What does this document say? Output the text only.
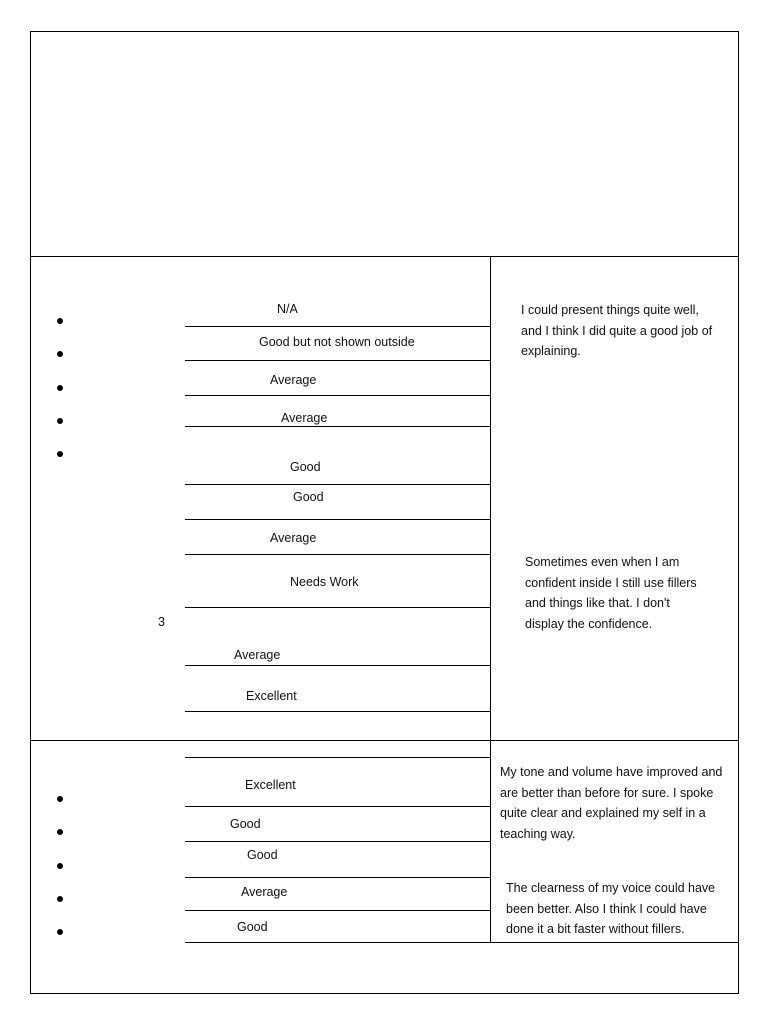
N/A
Good but not shown outside
Average
Average
Good
Good
Average
Needs Work
3
Average
Excellent
I could present things quite well, and I think I did quite a good job of explaining.
Sometimes even when I am confident inside I still use fillers and things like that. I don't display the confidence.
Excellent
Good
Good
Average
Good
My tone and volume have improved and are better than before for sure. I spoke quite clear and explained my self in a teaching way.
The clearness of my voice could have been better. Also I think I could have done it a bit faster without fillers.
